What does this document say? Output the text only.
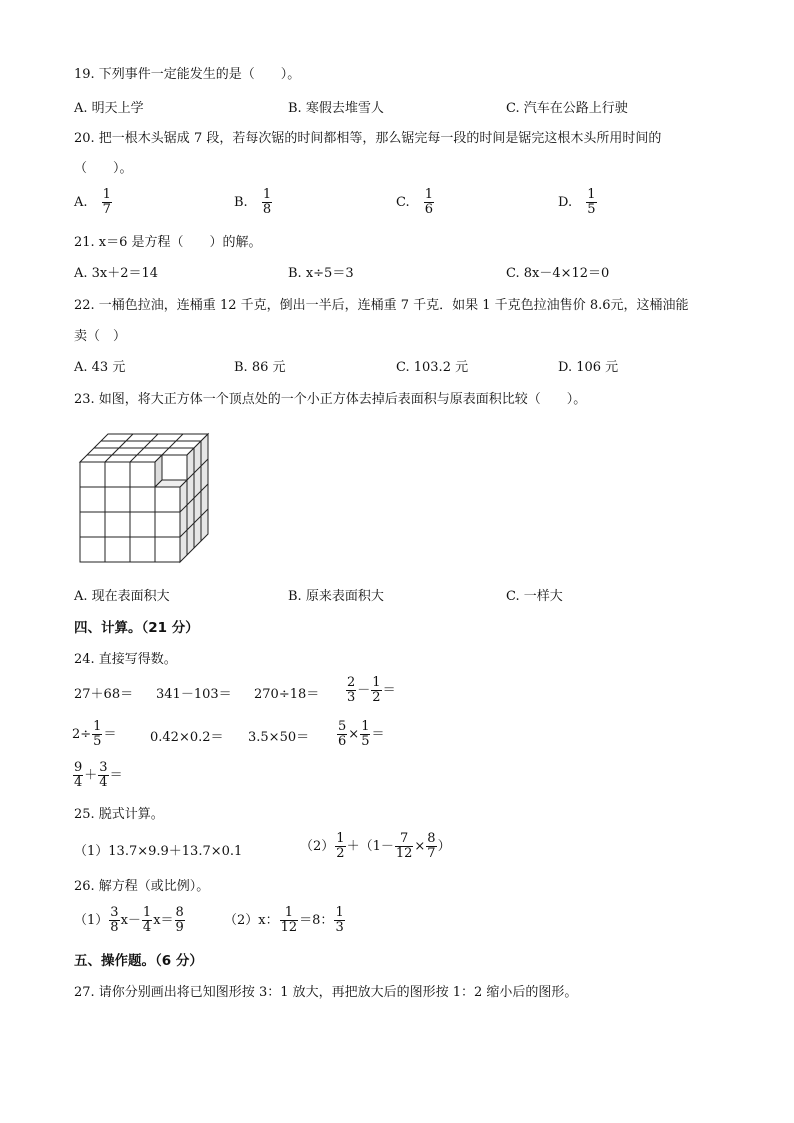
19. 下列事件一定能发生的是（　　）。
A. 明天上学	B. 寒假去堆雪人	C. 汽车在公路上行驶
20. 把一根木头锯成 7 段，若每次锯的时间都相等，那么锯完每一段的时间是锯完这根木头所用时间的
（　　）。
A. $\frac{1}{7}$	B. $\frac{1}{8}$	C. $\frac{1}{6}$	D. $\frac{1}{5}$
21. x＝6 是方程（　　）的解。
A. 3x＋2＝14	B. x÷5＝3	C. 8x－4×12＝0
22. 一桶色拉油，连桶重 12 千克，倒出一半后，连桶重 7 千克．如果 1 千克色拉油售价 8.6元，这桶油能
卖（　）
A. 43 元	B. 86 元	C. 103.2 元	D. 106 元
23. 如图，将大正方体一个顶点处的一个小正方体去掉后表面积与原表面积比较（　　）。
A. 现在表面积大	B. 原来表面积大	C. 一样大
四、计算。（21 分）
24. 直接写得数。
$27+68= 341-103= 270\div 18= \frac{2}{3} - \frac{1}{2}$ ＝
$2\div \frac{1}{5}$ ＝	$0.42\times 0.2= 3.5\times 50= \frac{5}{6} \times \frac{1}{5}$ ＝
$\frac{9}{4} + \frac{3}{4}$ ＝
25. 脱式计算。
（1）13.7×9.9＋13.7×0.1	$(2) \frac{1}{2} +(1- \frac{7}{12} \times \frac{8}{7}$ ）
26. 解方程（或比例）。
$(1) \frac{3}{8} x- \frac{1}{4} x= \frac{8}{9}$	（2）x： $\frac{1}{12} =8$： $\frac{1}{3}$
五、操作题。（6 分）
27. 请你分别画出将已知图形按 3：1 放大，再把放大后的图形按 1：2 缩小后的图形。
